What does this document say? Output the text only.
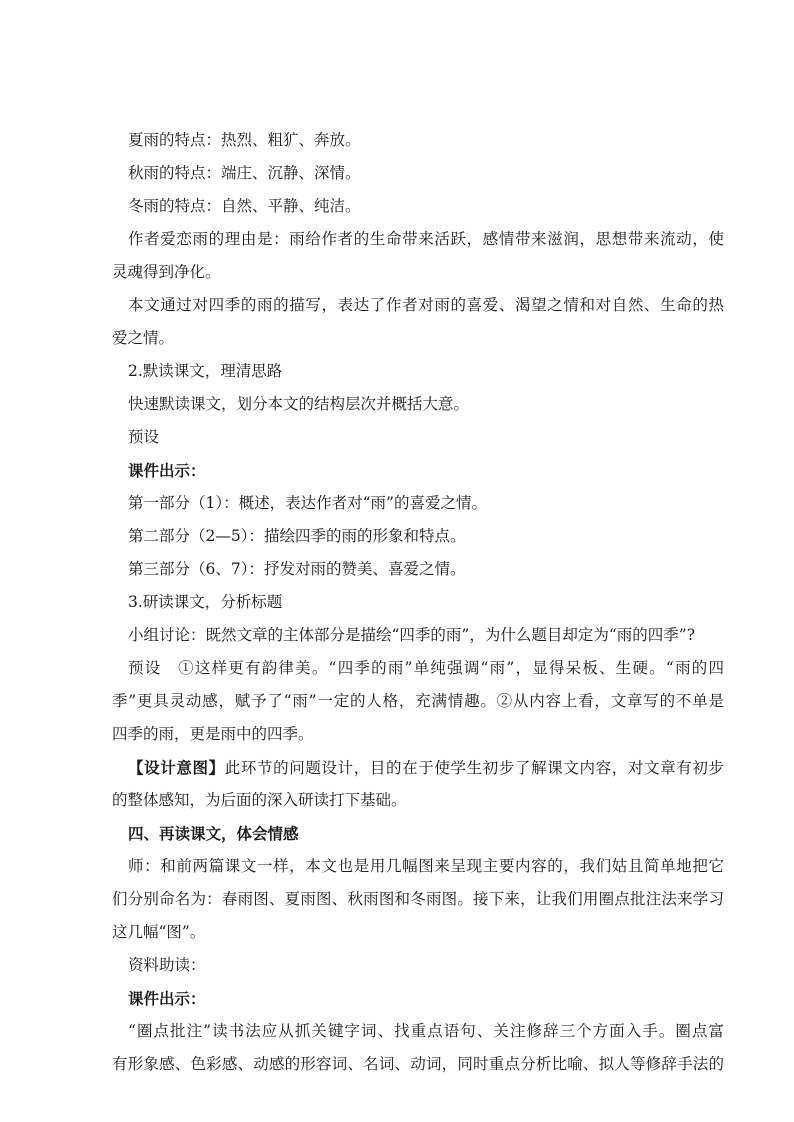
夏雨的特点：热烈、粗犷、奔放。

秋雨的特点：端庄、沉静、深情。

冬雨的特点：自然、平静、纯洁。

作者爱恋雨的理由是：雨给作者的生命带来活跃，感情带来滋润，思想带来流动，使

灵魂得到净化。

本文通过对四季的雨的描写，表达了作者对雨的喜爱、渴望之情和对自然、生命的热

爱之情。

2.默读课文，理清思路

快速默读课文，划分本文的结构层次并概括大意。

预设

课件出示：

第一部分（1）：概述，表达作者对“雨”的喜爱之情。

第二部分（2—5）：描绘四季的雨的形象和特点。

第三部分（6、7）：抒发对雨的赞美、喜爱之情。

3.研读课文，分析标题

小组讨论：既然文章的主体部分是描绘“四季的雨”，为什么题目却定为“雨的四季”?

预设　①这样更有韵律美。“四季的雨”单纯强调“雨”，显得呆板、生硬。“雨的四

季”更具灵动感，赋予了“雨”一定的人格，充满情趣。②从内容上看，文章写的不单是

四季的雨，更是雨中的四季。

【设计意图】此环节的问题设计，目的在于使学生初步了解课文内容，对文章有初步

的整体感知，为后面的深入研读打下基础。

四、再读课文，体会情感

师：和前两篇课文一样，本文也是用几幅图来呈现主要内容的，我们姑且简单地把它

们分别命名为：春雨图、夏雨图、秋雨图和冬雨图。接下来，让我们用圈点批注法来学习

这几幅“图”。

资料助读：

课件出示：

“圈点批注”读书法应从抓关键字词、找重点语句、关注修辞三个方面入手。圈点富

有形象感、色彩感、动感的形容词、名词、动词，同时重点分析比喻、拟人等修辞手法的
